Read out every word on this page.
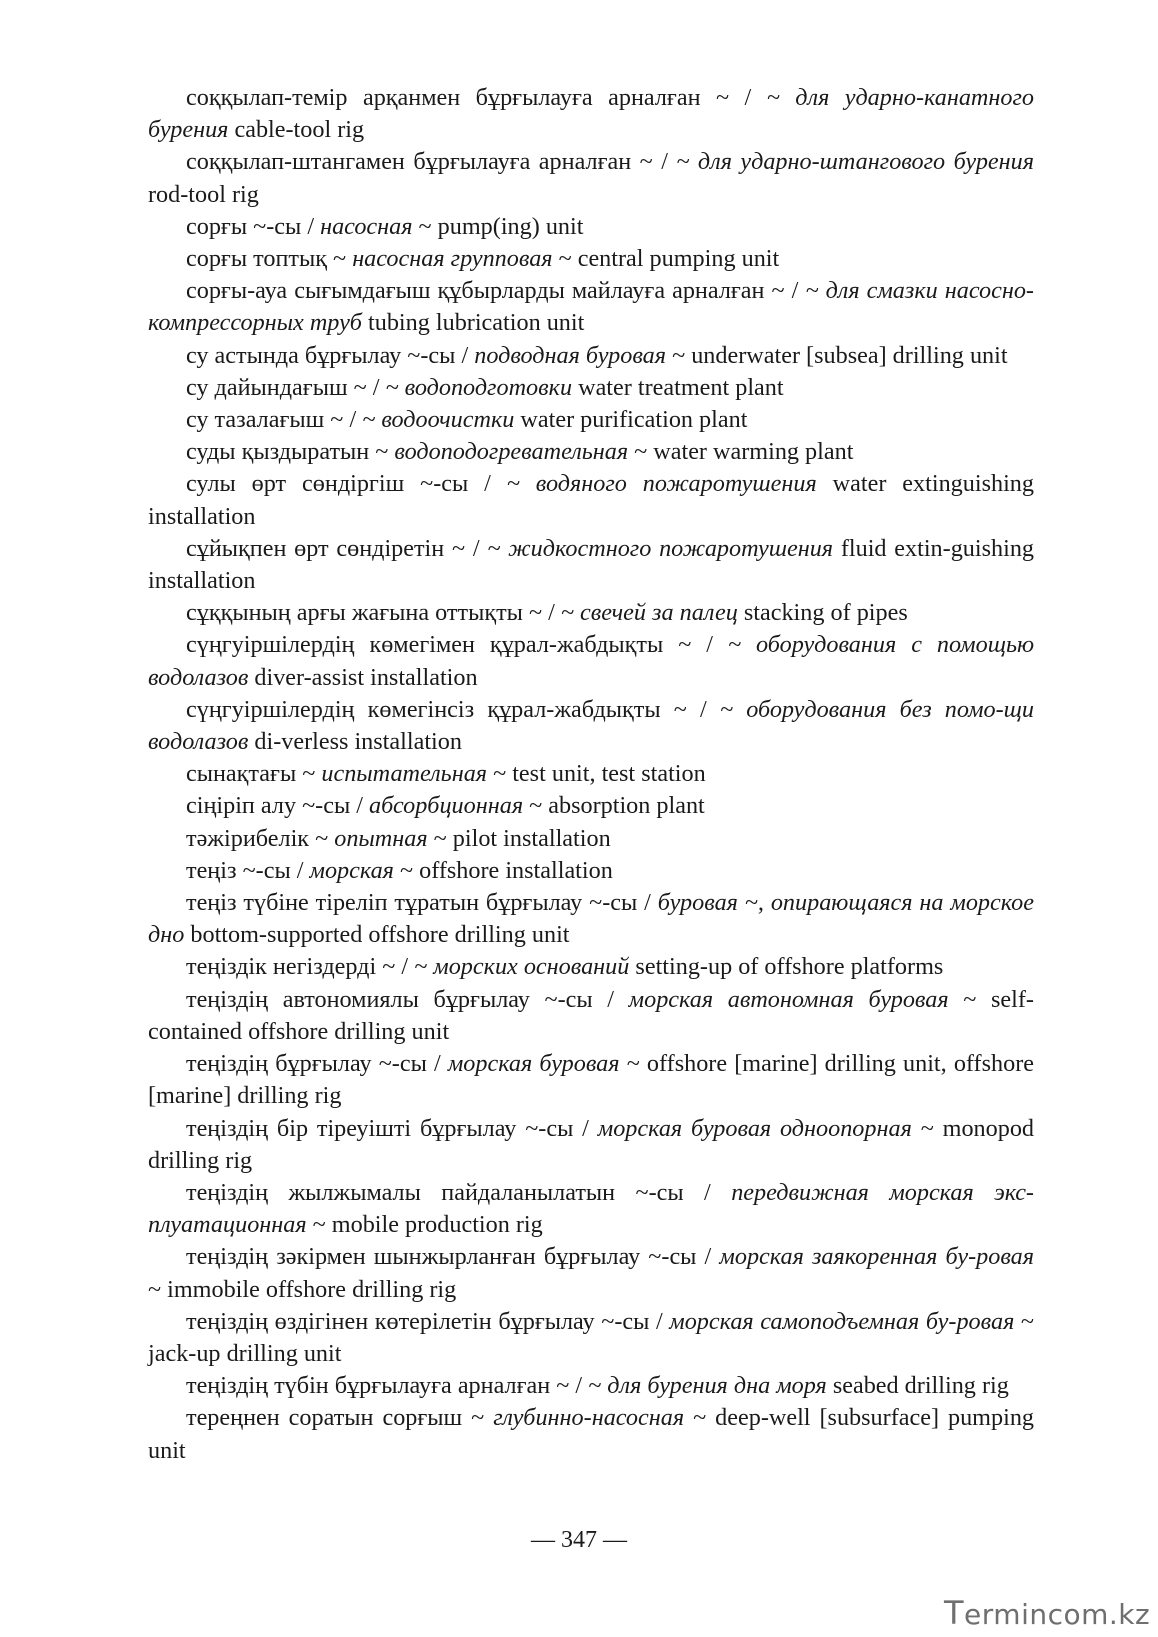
соққылап-темір арқанмен бұрғылауға арналған ~ / ~ для ударно-канатного бурения cable-tool rig

соққылап-штангамен бұрғылауға арналған ~ / ~ для ударно-штангового бурения rod-tool rig

сорғы ~-сы / насосная ~ pump(ing) unit

сорғы топтық ~ насосная групповая ~ central pumping unit

сорғы-ауа сығымдағыш құбырларды майлауға арналған ~ / ~ для смазки насосно-компрессорных труб tubing lubrication unit

су астында бұрғылау ~-сы / подводная буровая ~ underwater [subsea] drilling unit

су дайындағыш ~ / ~ водоподготовки water treatment plant

су тазалағыш ~ / ~ водоочистки water purification plant

суды қыздыратын ~ водоподогревательная ~ water warming plant

сулы өрт сөндіргіш ~-сы / ~ водяного пожаротушения water extinguishing installation

сұйықпен өрт сөндіретін ~ / ~ жидкостного пожаротушения fluid extin-guishing installation

сұққының арғы жағына оттықты ~ / ~ свечей за палец stacking of pipes

сүңгуіршілердің көмегімен құрал-жабдықты ~ / ~ оборудования с помощью водолазов diver-assist installation

сүңгуіршілердің көмегінсіз құрал-жабдықты ~ / ~ оборудования без помо-щи водолазов di-verless installation

сынақтағы ~ испытательная ~ test unit, test station

сіңіріп алу ~-сы / абсорбционная ~ absorption plant

тәжірибелік ~ опытная ~ pilot installation

теңіз ~-сы / морская ~ offshore installation

теңіз түбіне тіреліп тұратын бұрғылау ~-сы / буровая ~, опирающаяся на морское дно bottom-supported offshore drilling unit

теңіздік негіздерді ~ / ~ морских оснований setting-up of offshore platforms

теңіздің автономиялы бұрғылау ~-сы / морская автономная буровая ~ self-contained offshore drilling unit

теңіздің бұрғылау ~-сы / морская буровая ~ offshore [marine] drilling unit, offshore [marine] drilling rig

теңіздің бір тіреуішті бұрғылау ~-сы / морская буровая одноопорная ~ monopod drilling rig

теңіздің жылжымалы пайдаланылатын ~-сы / передвижная морская экс-плуатационная ~ mobile production rig

теңіздің зәкірмен шынжырланған бұрғылау ~-сы / морская заякоренная бу-ровая ~ immobile offshore drilling rig

теңіздің өздігінен көтерілетін бұрғылау ~-сы / морская самоподъемная бу-ровая ~ jack-up drilling unit

теңіздің түбін бұрғылауға арналған ~ / ~ для бурения дна моря seabed drilling rig

тереңнен соратын сорғыш ~ глубинно-насосная ~ deep-well [subsurface] pumping unit

— 347 —
Termincom.kz
